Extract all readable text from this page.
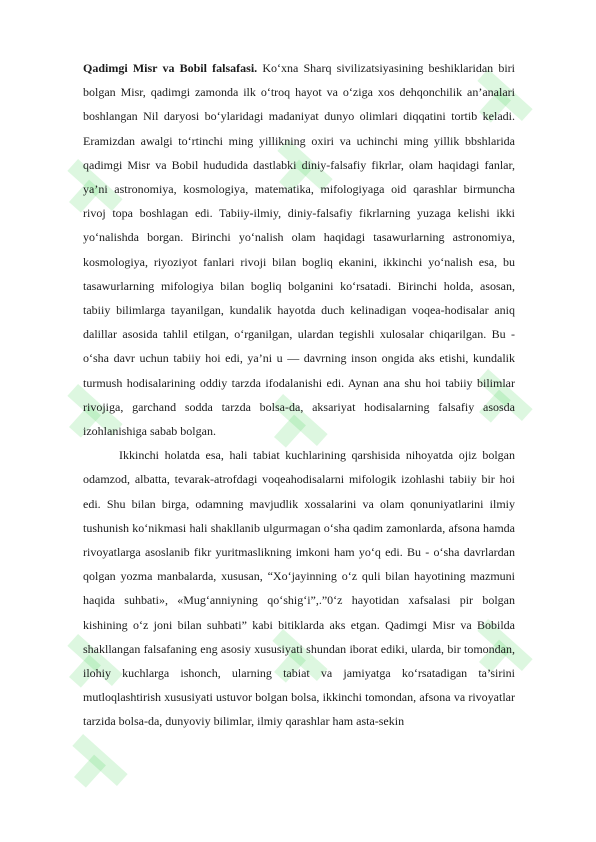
Qadimgi Misr va Bobil falsafasi. Ko‘xna Sharq sivilizatsiyasining beshiklaridan biri bolgan Misr, qadimgi zamonda ilk o‘troq hayot va o‘ziga xos dehqonchilik an’analari boshlangan Nil daryosi bo‘ylaridagi madaniyat dunyo olimlari diqqatini tortib keladi. Eramizdan awalgi to‘rtinchi ming yillikning oxiri va uchinchi ming yillik bbshlarida qadimgi Misr va Bobil hududida dastlabki diniy-falsafiy fikrlar, olam haqidagi fanlar, ya’ni astronomiya, kosmologiya, matematika, mifologiyaga oid qarashlar birmuncha rivoj topa boshlagan edi. Tabiiy-ilmiy, diniy-falsafiy fikrlarning yuzaga kelishi ikki yo‘nalishda borgan. Birinchi yo‘nalish olam haqidagi tasawurlarning astronomiya, kosmologiya, riyoziyot fanlari rivoji bilan bogliq ekanini, ikkinchi yo‘nalish esa, bu tasawurlarning mifologiya bilan bogliq bolganini ko‘rsatadi. Birinchi holda, asosan, tabiiy bilimlarga tayanilgan, kundalik hayotda duch kelinadigan voqea-hodisalar aniq dalillar asosida tahlil etilgan, o‘rganilgan, ulardan tegishli xulosalar chiqarilgan. Bu - o‘sha davr uchun tabiiy hoi edi, ya’ni u — davrning inson ongida aks etishi, kundalik turmush hodisalarining oddiy tarzda ifodalanishi edi. Aynan ana shu hoi tabiiy bilimlar rivojiga, garchand sodda tarzda bolsa-da, aksariyat hodisalarning falsafiy asosda izohlanishiga sabab bolgan.

Ikkinchi holatda esa, hali tabiat kuchlarining qarshisida nihoyatda ojiz bolgan odamzod, albatta, tevarak-atrofdagi voqeahodisalarni mifologik izohlashi tabiiy bir hoi edi. Shu bilan birga, odamning mavjudlik xossalarini va olam qonuniyatlarini ilmiy tushunish ko‘nikmasi hali shakllanib ulgurmagan o‘sha qadim zamonlarda, afsona hamda rivoyatlarga asoslanib fikr yuritmaslikning imkoni ham yo‘q edi. Bu - o‘sha davrlardan qolgan yozma manbalarda, xususan, “Xo‘jayinning o‘z quli bilan hayotining mazmuni haqida suhbati», «Mug‘anniyning qo‘shig‘i”,.”0‘z hayotidan xafsalasi pir bolgan kishining o‘z joni bilan suhbati” kabi bitiklarda aks etgan. Qadimgi Misr va Bobilda shakllangan falsafaning eng asosiy xususiyati shundan iborat ediki, ularda, bir tomondan, ilohiy kuchlarga ishonch, ularning tabiat va jamiyatga ko‘rsatadigan ta’sirini mutloqlashtirish xususiyati ustuvor bolgan bolsa, ikkinchi tomondan, afsona va rivoyatlar tarzida bolsa-da, dunyoviy bilimlar, ilmiy qarashlar ham asta-sekin
